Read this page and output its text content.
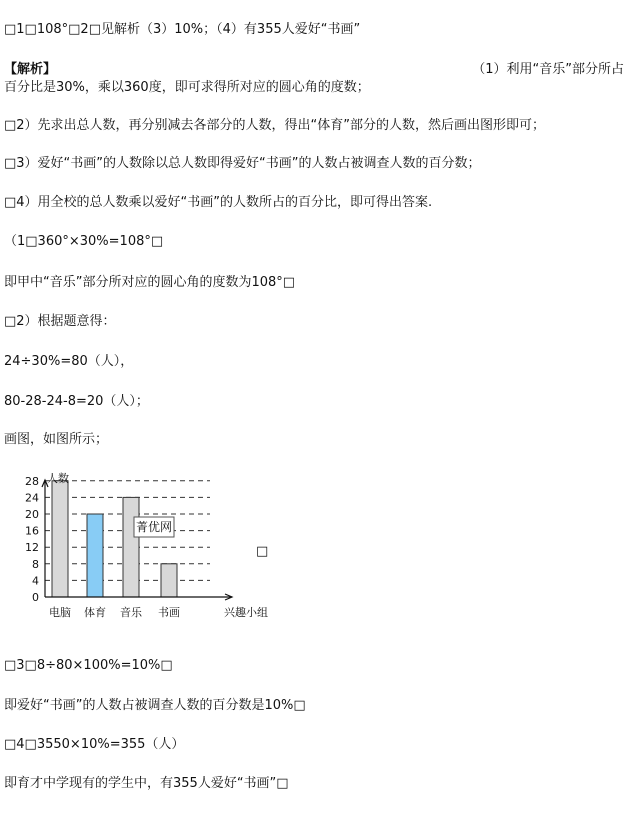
□1□108°□2□见解析（3）10%；（4）有355人爱好“书画”
【解析】	（1）利用“音乐”部分所占
百分比是30%，乘以360度，即可求得所对应的圆心角的度数；
□2）先求出总人数，再分别减去各部分的人数，得出“体育”部分的人数，然后画出图形即可；
□3）爱好“书画”的人数除以总人数即得爱好“书画”的人数占被调查人数的百分数；
□4）用全校的总人数乘以爱好“书画”的人数所占的百分比，即可得出答案.
（1□360°×30%=108°□
即甲中“音乐”部分所对应的圆心角的度数为108°□
□2）根据题意得：
24÷30%=80（人），
80-28-24-8=20（人）；
画图，如图所示；
0
4
8
12
16
20
24
28 人数
电脑 体育 音乐 书画	兴趣小组
菁优网
□
□3□8÷80×100%=10%□
即爱好“书画”的人数占被调查人数的百分数是10%□
□4□3550×10%=355（人）
即育才中学现有的学生中，有355人爱好“书画”□
